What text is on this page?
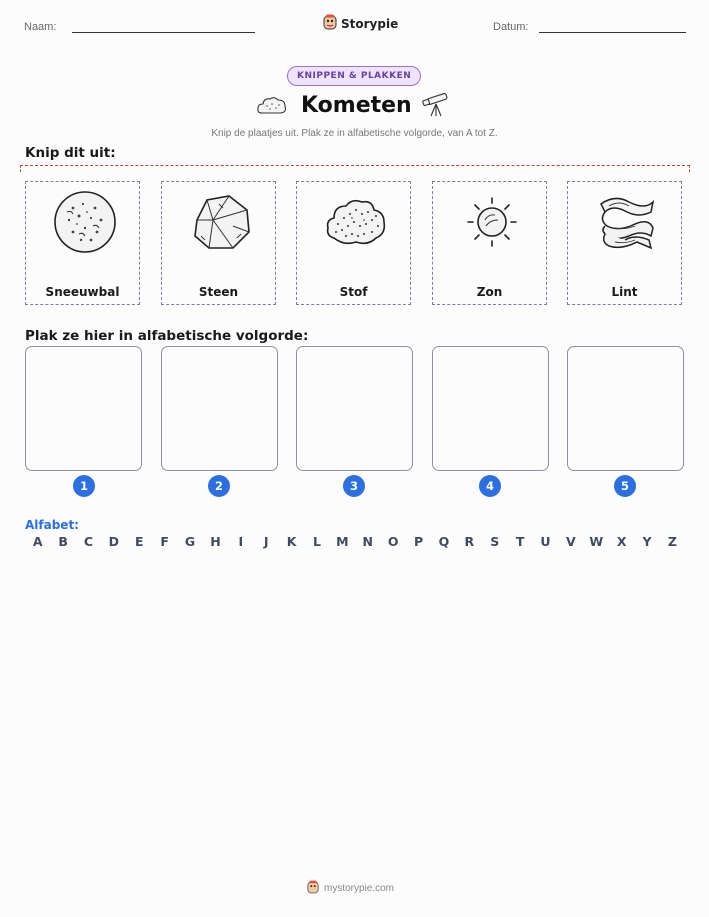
Naam:	Storypie	Datum:
KNIPPEN & PLAKKEN
Kometen
Knip de plaatjes uit. Plak ze in alfabetische volgorde, van A tot Z.
Knip dit uit:
Sneeuwbal	Steen	Stof	Zon	Lint
Plak ze hier in alfabetische volgorde:
1	2	3	4	5
Alfabet:
A	B	C	D	E	F	G	H	I	J	K	L	M	N	O	P	Q	R	S	T	U	V	W	X	Y	Z
mystorypie.com
